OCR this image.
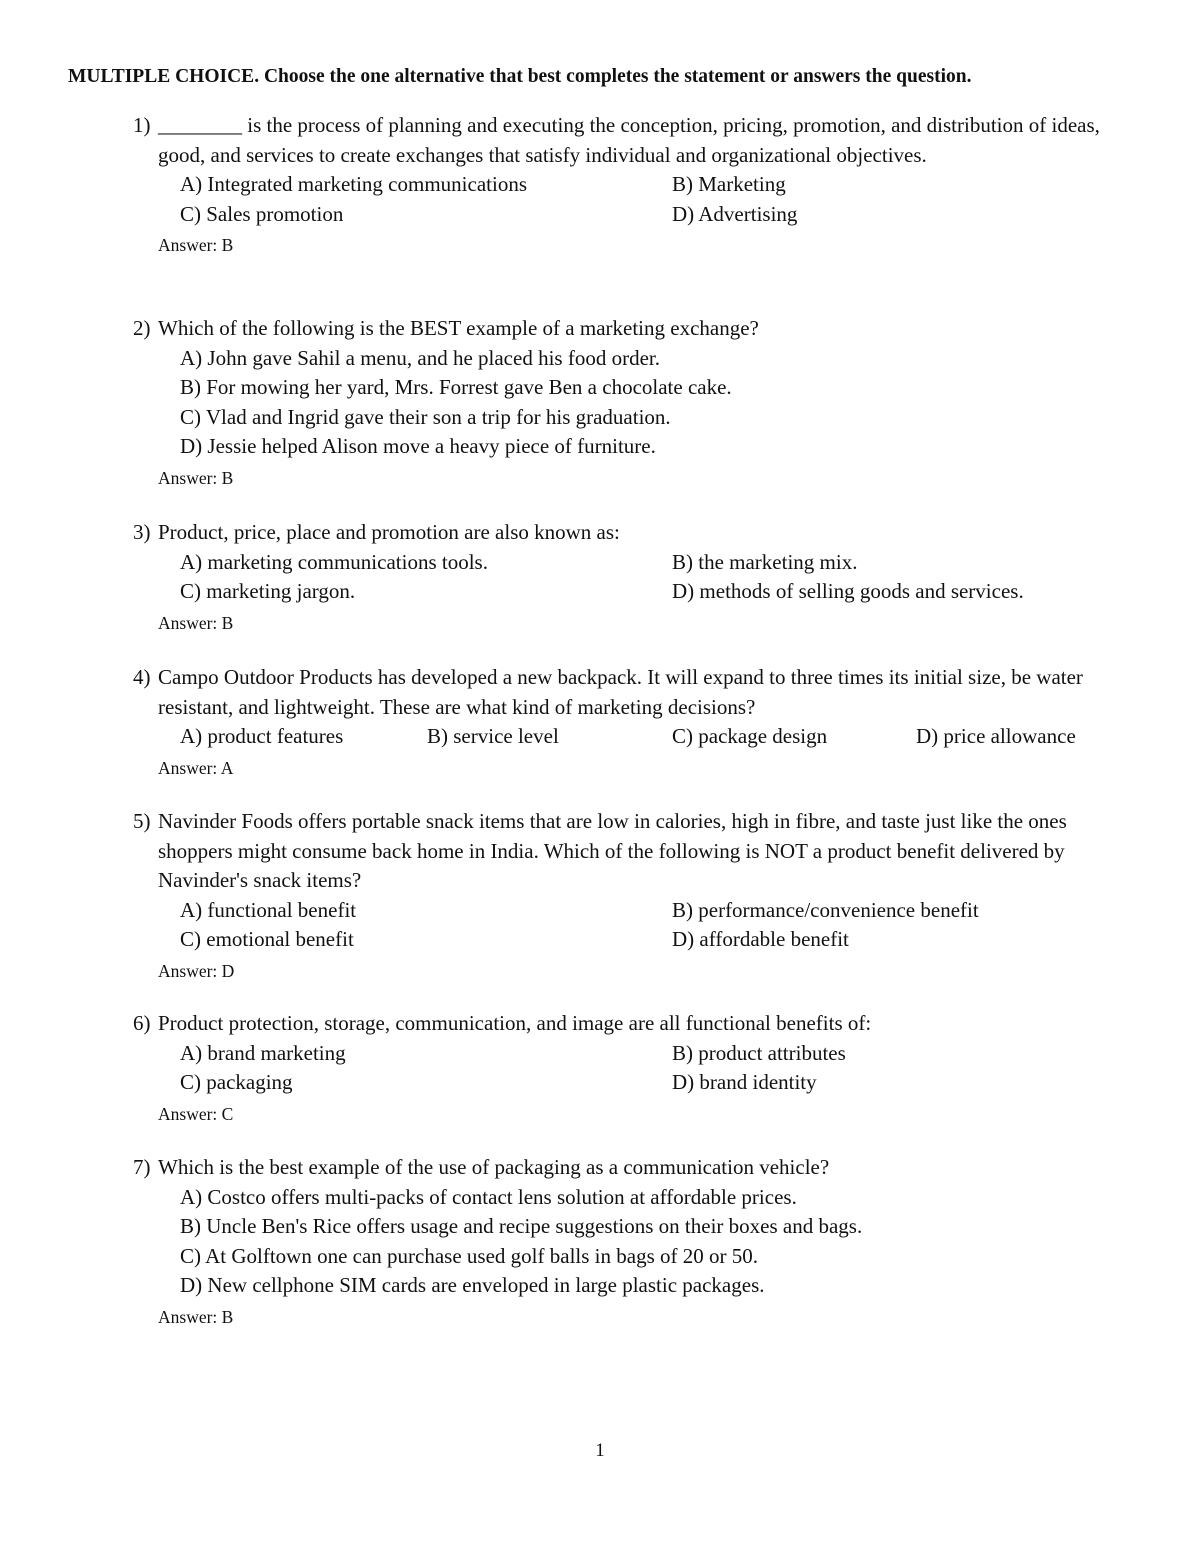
MULTIPLE CHOICE. Choose the one alternative that best completes the statement or answers the question.
1) ________ is the process of planning and executing the conception, pricing, promotion, and distribution of ideas, good, and services to create exchanges that satisfy individual and organizational objectives.
A) Integrated marketing communications	B) Marketing
C) Sales promotion	D) Advertising
Answer: B
2) Which of the following is the BEST example of a marketing exchange?
A) John gave Sahil a menu, and he placed his food order.
B) For mowing her yard, Mrs. Forrest gave Ben a chocolate cake.
C) Vlad and Ingrid gave their son a trip for his graduation.
D) Jessie helped Alison move a heavy piece of furniture.
Answer: B
3) Product, price, place and promotion are also known as:
A) marketing communications tools.	B) the marketing mix.
C) marketing jargon.	D) methods of selling goods and services.
Answer: B
4) Campo Outdoor Products has developed a new backpack. It will expand to three times its initial size, be water resistant, and lightweight. These are what kind of marketing decisions?
A) product features	B) service level	C) package design	D) price allowance
Answer: A
5) Navinder Foods offers portable snack items that are low in calories, high in fibre, and taste just like the ones shoppers might consume back home in India. Which of the following is NOT a product benefit delivered by Navinder's snack items?
A) functional benefit	B) performance/convenience benefit
C) emotional benefit	D) affordable benefit
Answer: D
6) Product protection, storage, communication, and image are all functional benefits of:
A) brand marketing	B) product attributes
C) packaging	D) brand identity
Answer: C
7) Which is the best example of the use of packaging as a communication vehicle?
A) Costco offers multi-packs of contact lens solution at affordable prices.
B) Uncle Ben's Rice offers usage and recipe suggestions on their boxes and bags.
C) At Golftown one can purchase used golf balls in bags of 20 or 50.
D) New cellphone SIM cards are enveloped in large plastic packages.
Answer: B
1
